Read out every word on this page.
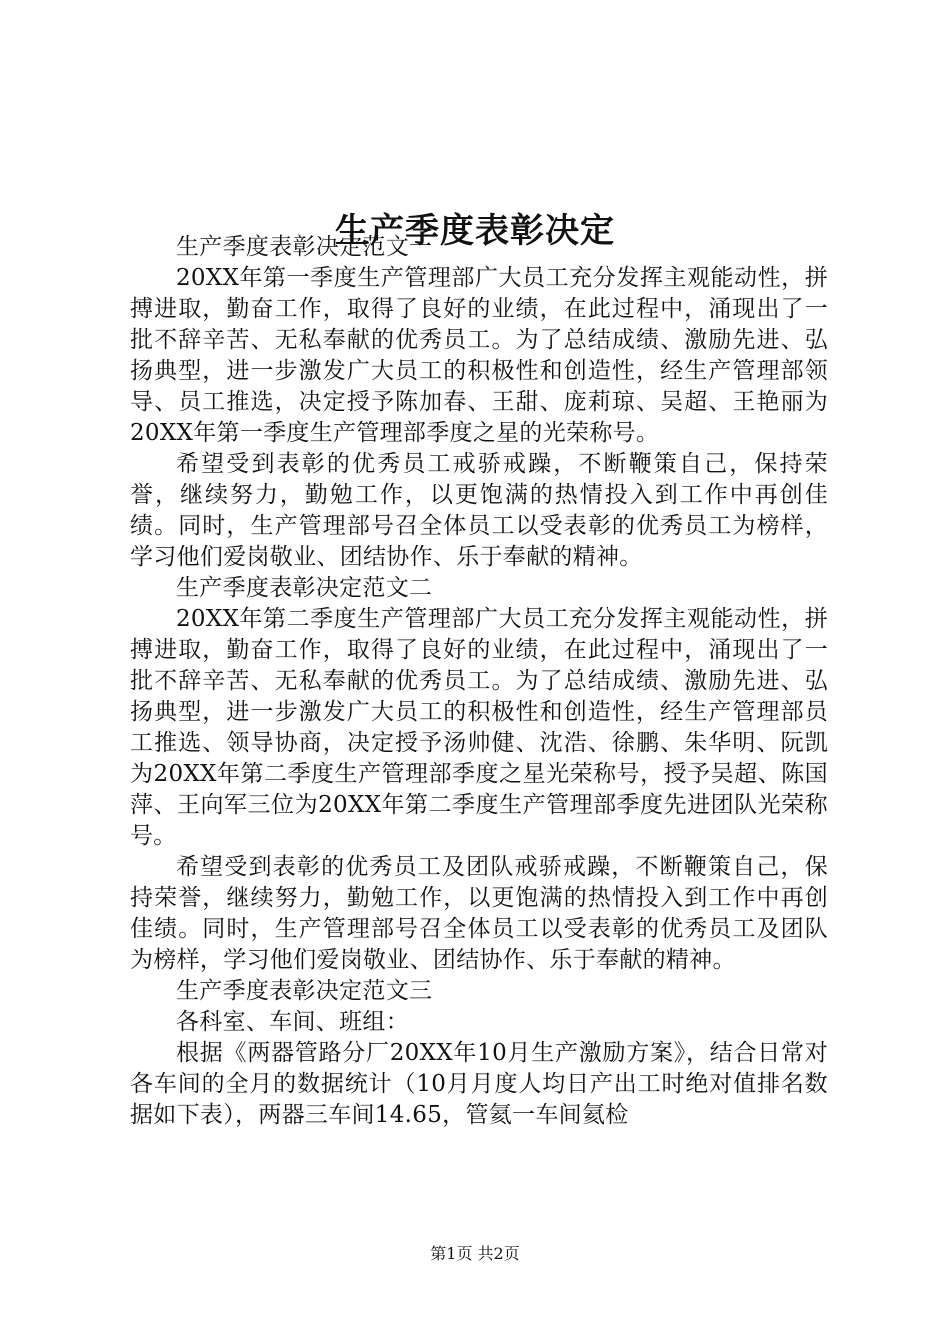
生产季度表彰决定

生产季度表彰决定范文一

20XX年第一季度生产管理部广大员工充分发挥主观能动性，拼搏进取，勤奋工作，取得了良好的业绩，在此过程中，涌现出了一批不辞辛苦、无私奉献的优秀员工。为了总结成绩、激励先进、弘扬典型，进一步激发广大员工的积极性和创造性，经生产管理部领导、员工推选，决定授予陈加春、王甜、庞莉琼、吴超、王艳丽为20XX年第一季度生产管理部季度之星的光荣称号。

希望受到表彰的优秀员工戒骄戒躁，不断鞭策自己，保持荣誉，继续努力，勤勉工作，以更饱满的热情投入到工作中再创佳绩。同时，生产管理部号召全体员工以受表彰的优秀员工为榜样，学习他们爱岗敬业、团结协作、乐于奉献的精神。

生产季度表彰决定范文二

20XX年第二季度生产管理部广大员工充分发挥主观能动性，拼搏进取，勤奋工作，取得了良好的业绩，在此过程中，涌现出了一批不辞辛苦、无私奉献的优秀员工。为了总结成绩、激励先进、弘扬典型，进一步激发广大员工的积极性和创造性，经生产管理部员工推选、领导协商，决定授予汤帅健、沈浩、徐鹏、朱华明、阮凯为20XX年第二季度生产管理部季度之星光荣称号，授予吴超、陈国萍、王向军三位为20XX年第二季度生产管理部季度先进团队光荣称号。

希望受到表彰的优秀员工及团队戒骄戒躁，不断鞭策自己，保持荣誉，继续努力，勤勉工作，以更饱满的热情投入到工作中再创佳绩。同时，生产管理部号召全体员工以受表彰的优秀员工及团队为榜样，学习他们爱岗敬业、团结协作、乐于奉献的精神。

生产季度表彰决定范文三

各科室、车间、班组：

根据《两器管路分厂20XX年10月生产激励方案》，结合日常对各车间的全月的数据统计（10月月度人均日产出工时绝对值排名数据如下表），两器三车间14.65，管氦一车间氦检

第1页 共2页
